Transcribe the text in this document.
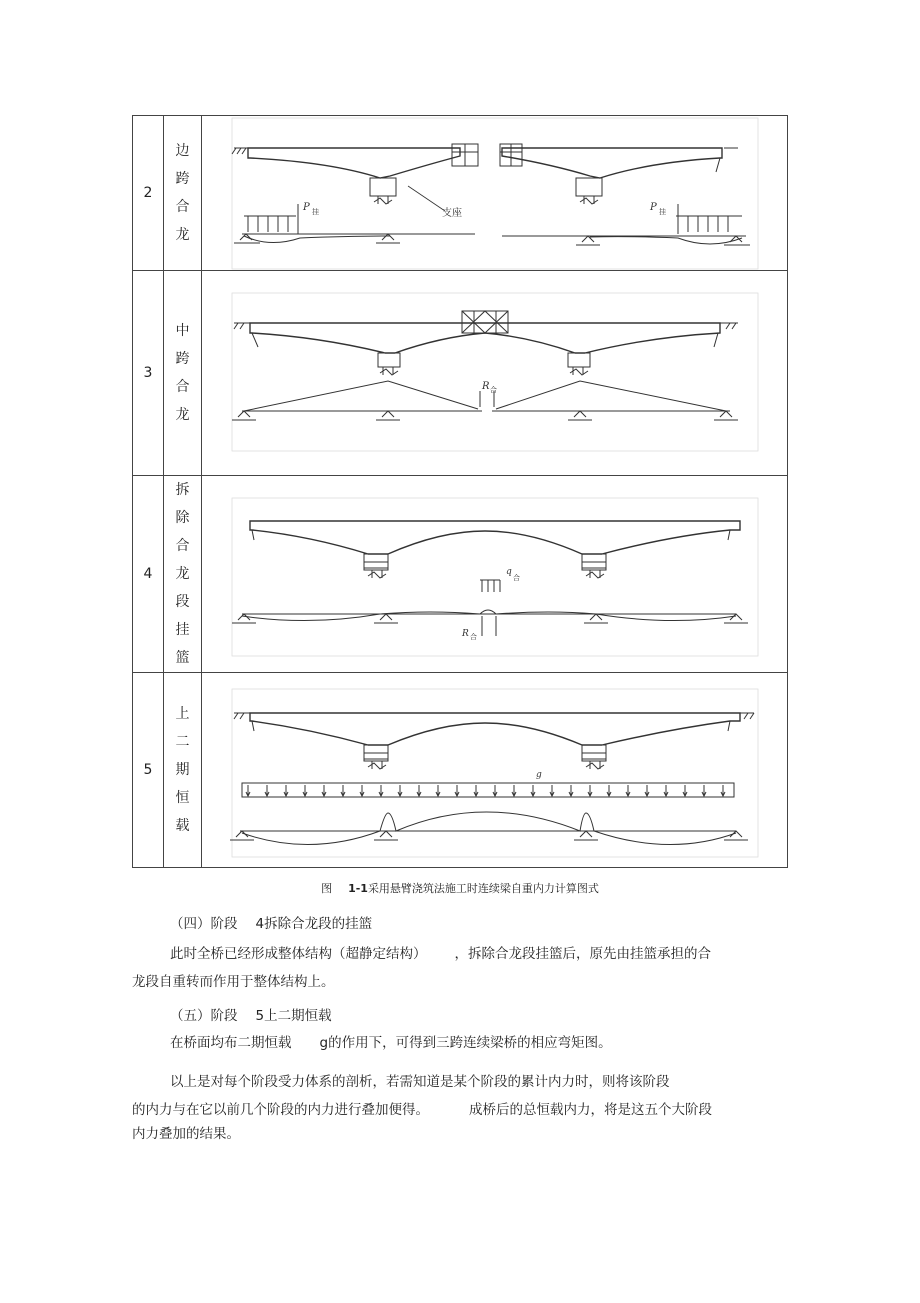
2	边跨合龙	支座
P 挂 P 挂

3	中跨合龙	R 合

4	拆除合龙段挂篮	q
合
R 合

5	上二期恒载	g
图 1-1采用悬臂浇筑法施工时连续梁自重内力计算图式
（四）阶段 4拆除合龙段的挂篮
此时全桥已经形成整体结构（超静定结构） ，拆除合龙段挂篮后，原先由挂篮承担的合
龙段自重转而作用于整体结构上。
（五）阶段 5上二期恒载
在桥面均布二期恒载 g的作用下，可得到三跨连续梁桥的相应弯矩图。
以上是对每个阶段受力体系的剖析，若需知道是某个阶段的累计内力时，则将该阶段
的内力与在它以前几个阶段的内力进行叠加便得。	成桥后的总恒载内力，将是这五个大阶段
内力叠加的结果。
